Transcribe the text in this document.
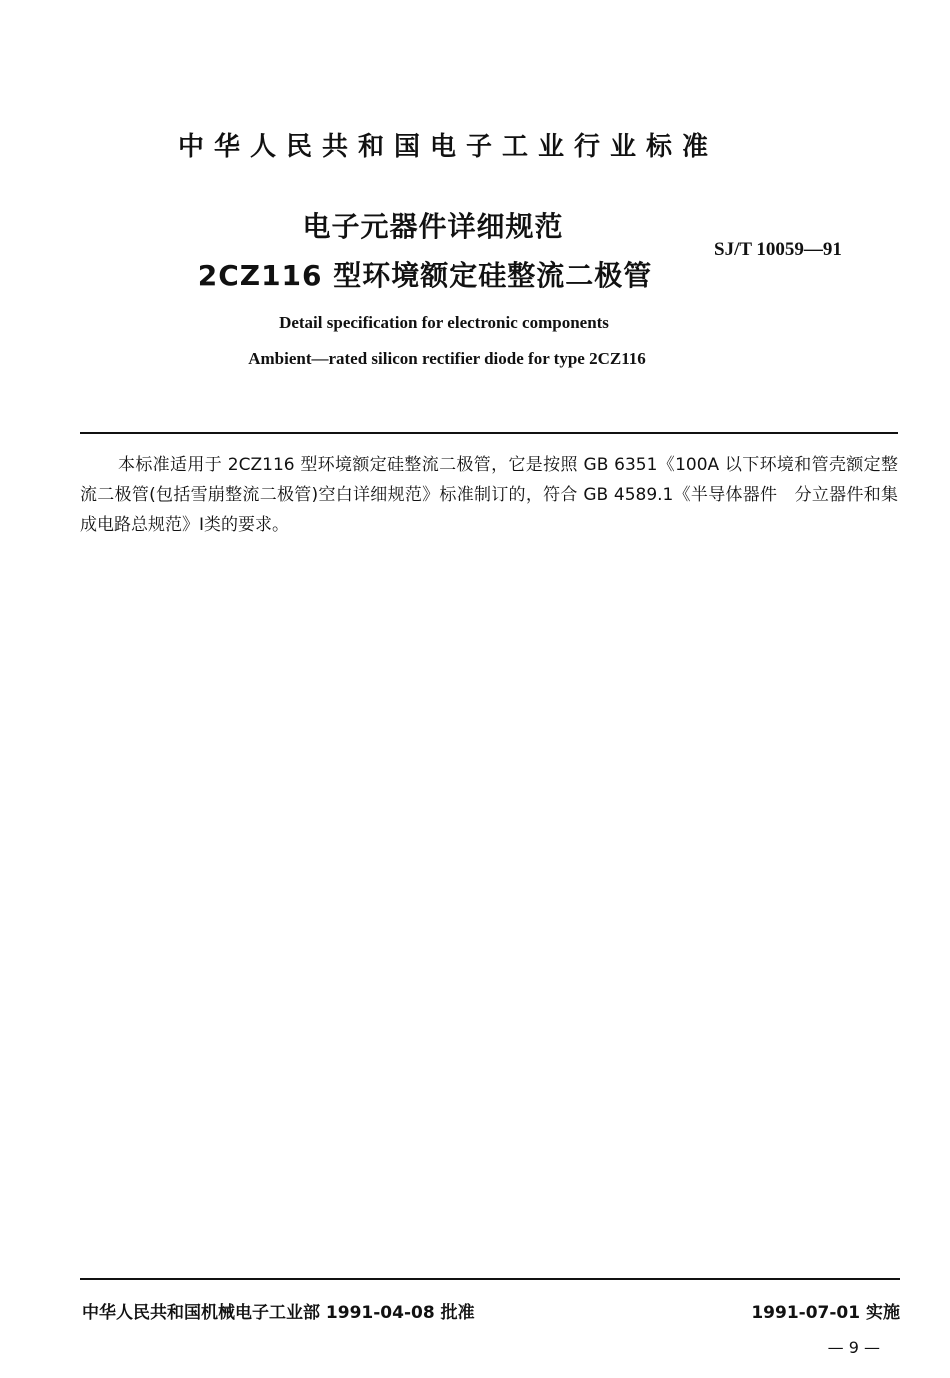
中华人民共和国电子工业行业标准
电子元器件详细规范
2CZ116 型环境额定硅整流二极管
SJ/T 10059—91
Detail specification for electronic components
Ambient—rated silicon rectifier diode for type 2CZ116
本标准适用于 2CZ116 型环境额定硅整流二极管，它是按照 GB 6351《100A 以下环境和管壳额定整流二极管(包括雪崩整流二极管)空白详细规范》标准制订的，符合 GB 4589.1《半导体器件　分立器件和集成电路总规范》Ⅰ类的要求。
中华人民共和国机械电子工业部 1991-04-08 批准	1991-07-01 实施
— 9 —
